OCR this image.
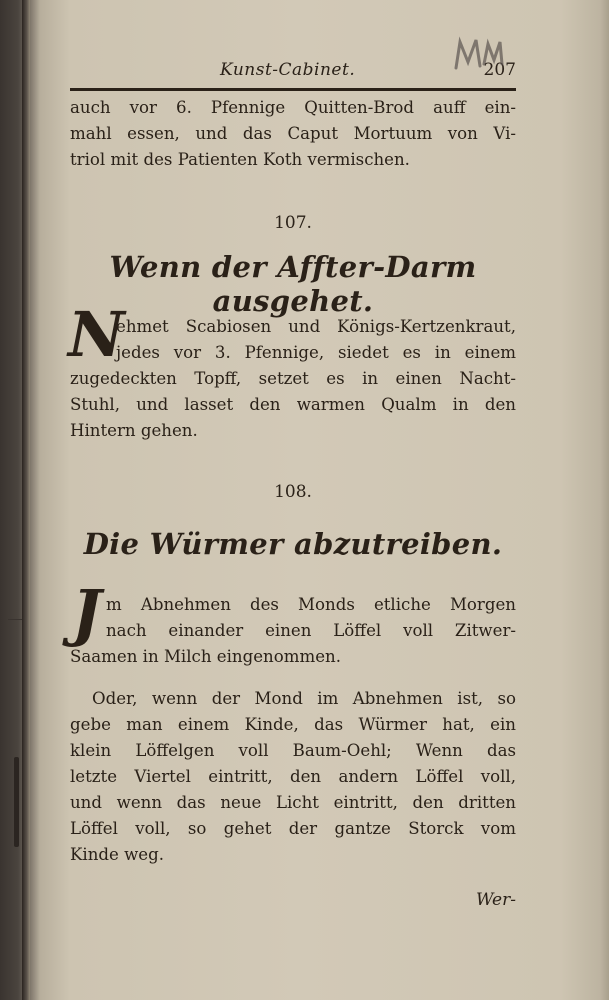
Kunst-Cabinet.	207
auch vor 6. Pfennige Quitten-Brod auff ein-
mahl essen, und das Caput Mortuum von Vi-
triol mit des Patienten Koth vermischen.
107.
Wenn der Affter-Darm ausgehet.
N
ehmet Scabiosen und Königs-Kertzenkraut,
jedes vor 3. Pfennige, siedet es in einem
zugedeckten Topff, setzet es in einen Nacht-
Stuhl, und lasset den warmen Qualm in den
Hintern gehen.
108.
Die Würmer abzutreiben.
J m Abnehmen des Monds etliche Morgen
nach einander einen Löffel voll Zitwer-
Saamen in Milch eingenommen.
Oder, wenn der Mond im Abnehmen ist, so
gebe man einem Kinde, das Würmer hat, ein
klein Löffelgen voll Baum-Oehl; Wenn das
letzte Viertel eintritt, den andern Löffel voll,
und wenn das neue Licht eintritt, den dritten
Löffel voll, so gehet der gantze Storck vom
Kinde weg.
Wer-
